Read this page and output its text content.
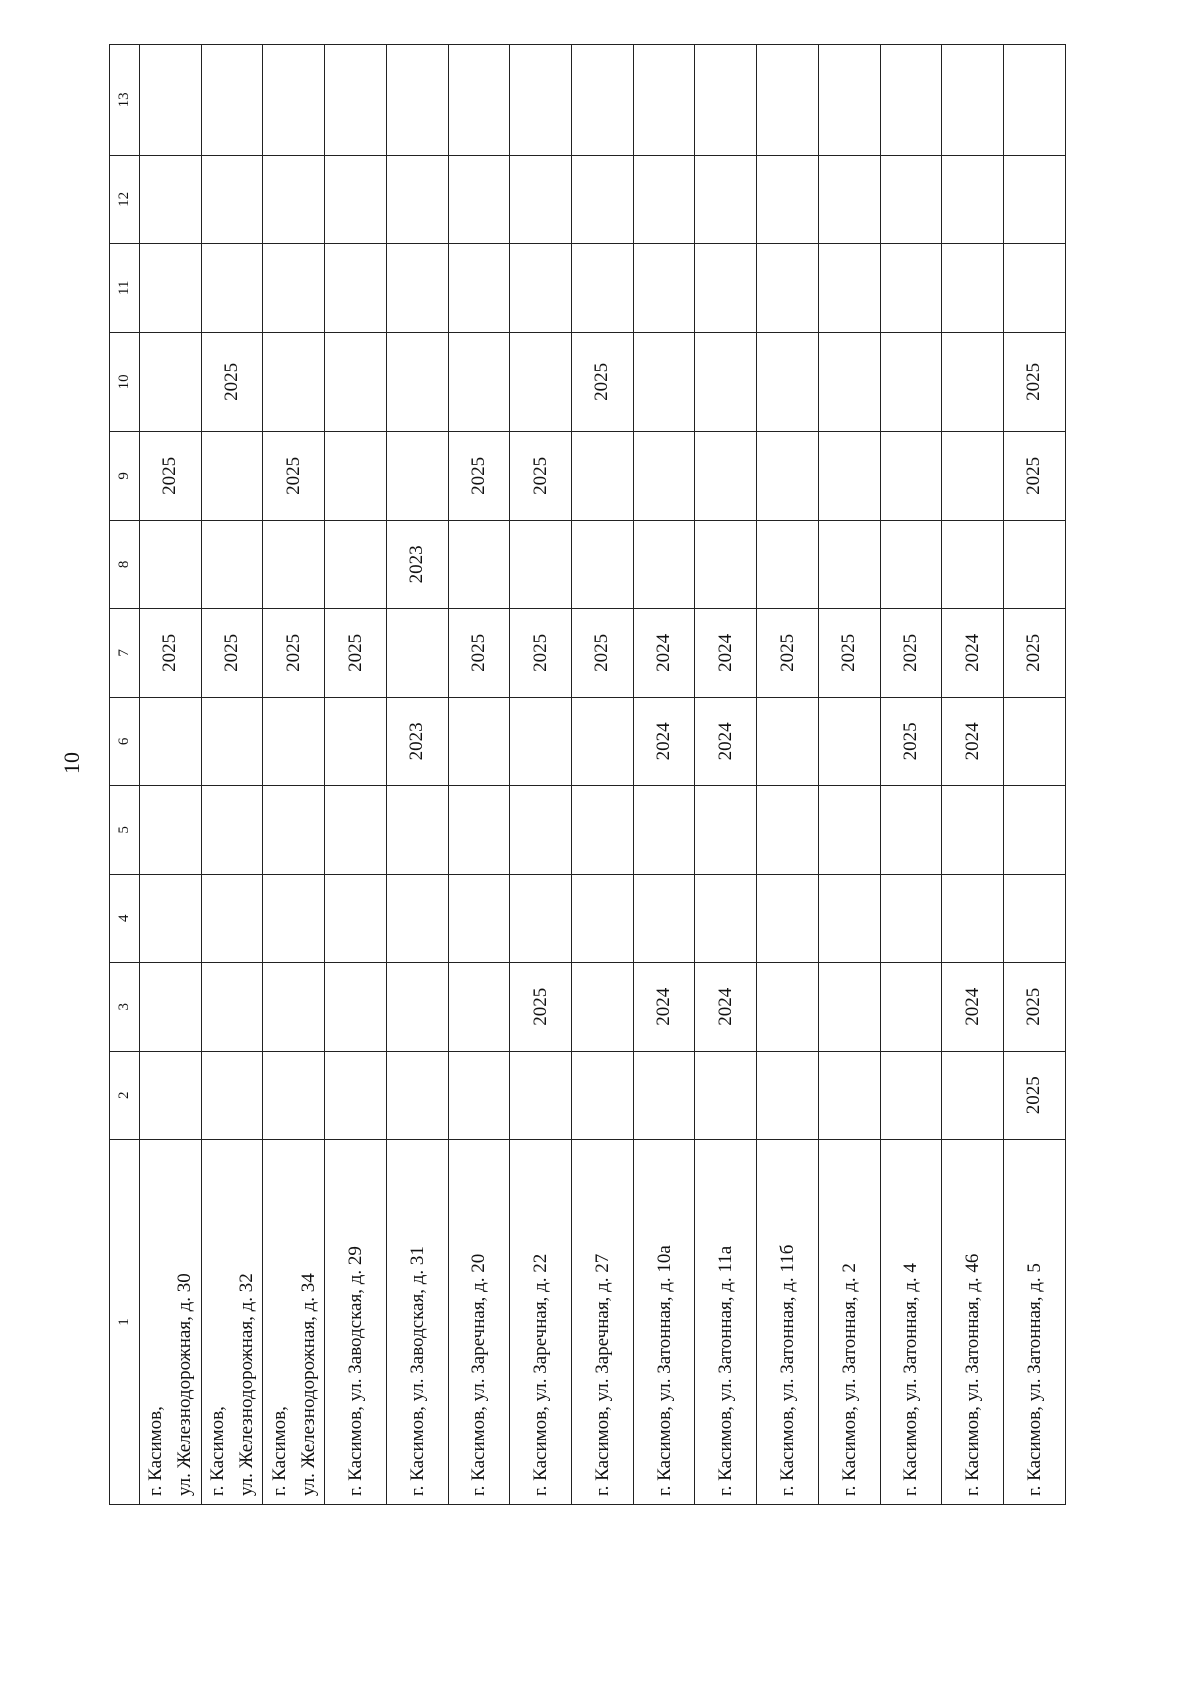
10
1	2	3	4	5	6	7	8	9	10	11	12	13
г. Касимов,
ул. Железнодорожная, д. 30						2025		2025				
г. Касимов,
ул. Железнодорожная, д. 32						2025			2025			
г. Касимов,
ул. Железнодорожная, д. 34						2025		2025				
г. Касимов, ул. Заводская, д. 29						2025						
г. Касимов, ул. Заводская, д. 31					2023		2023					
г. Касимов, ул. Заречная, д. 20						2025		2025				
г. Касимов, ул. Заречная, д. 22		2025				2025		2025				
г. Касимов, ул. Заречная, д. 27						2025			2025			
г. Касимов, ул. Затонная, д. 10а		2024			2024	2024						
г. Касимов, ул. Затонная, д. 11а		2024			2024	2024						
г. Касимов, ул. Затонная, д. 11б						2025						
г. Касимов, ул. Затонная, д. 2						2025						
г. Касимов, ул. Затонная, д. 4					2025	2025						
г. Касимов, ул. Затонная, д. 46		2024			2024	2024						
г. Касимов, ул. Затонная, д. 5	2025	2025				2025		2025	2025			
